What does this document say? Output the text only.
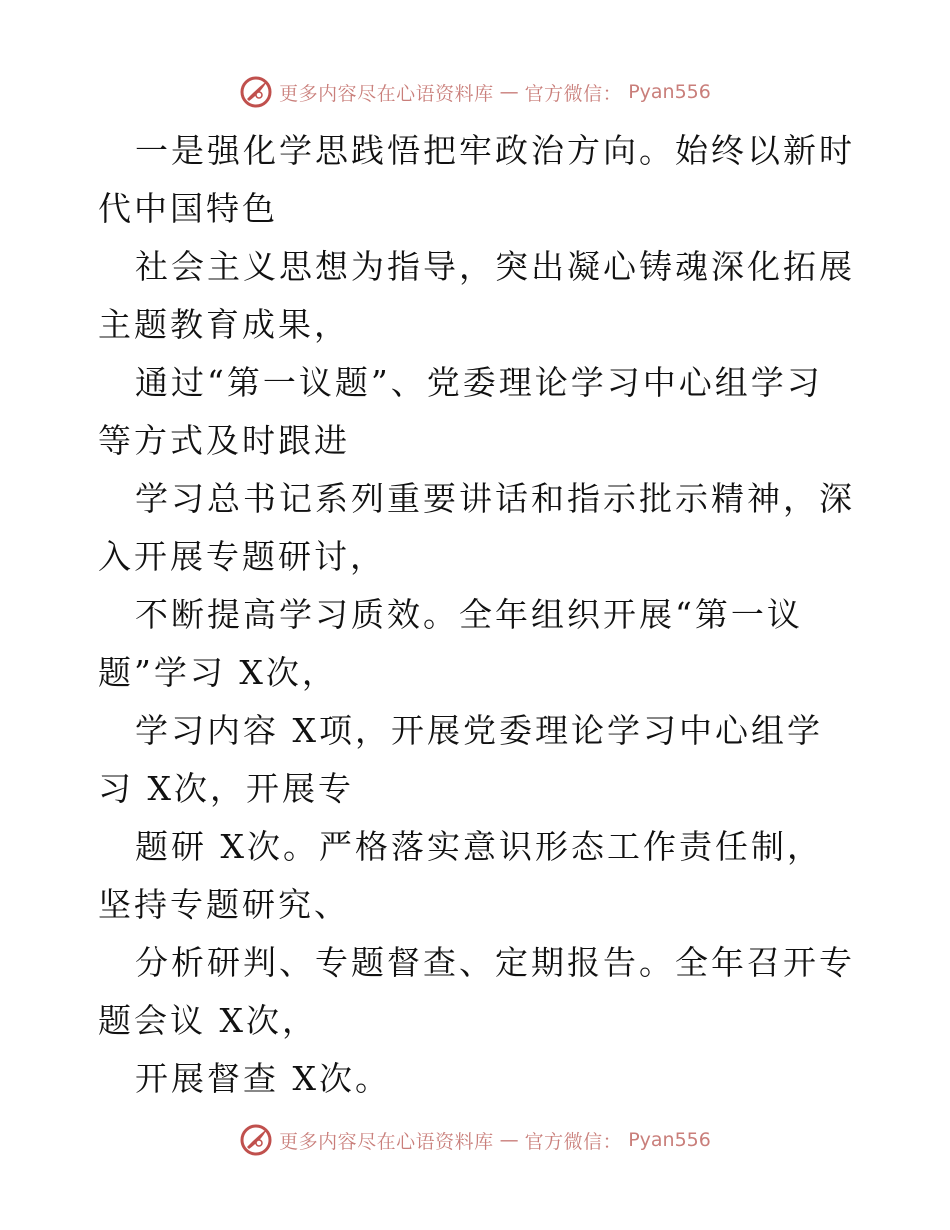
更多内容尽在心语资料库 — 官方微信： Pyan556

一是强化学思践悟把牢政治方向。始终以新时代中国特色

社会主义思想为指导，突出凝心铸魂深化拓展主题教育成果，

通过“第一议题”、党委理论学习中心组学习等方式及时跟进

学习总书记系列重要讲话和指示批示精神，深入开展专题研讨，

不断提高学习质效。全年组织开展“第一议题”学习 X次，

学习内容 X项，开展党委理论学习中心组学习 X次，开展专

题研 X次。严格落实意识形态工作责任制，坚持专题研究、

分析研判、专题督查、定期报告。全年召开专题会议 X次，

开展督查 X次。

更多内容尽在心语资料库 — 官方微信： Pyan556
